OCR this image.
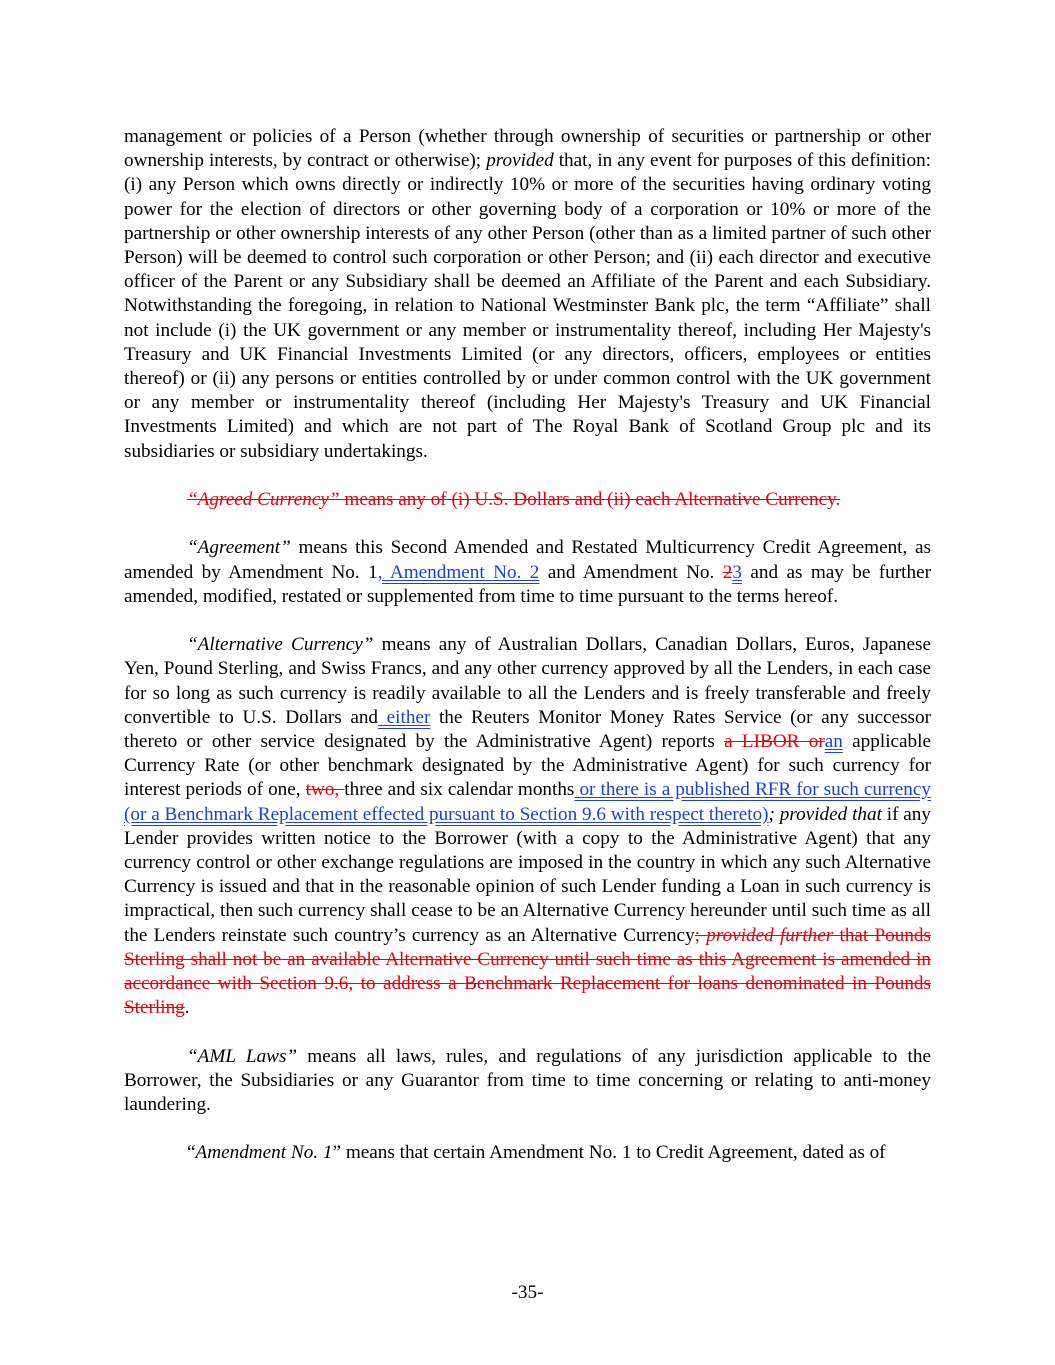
management or policies of a Person (whether through ownership of securities or partnership or other ownership interests, by contract or otherwise); provided that, in any event for purposes of this definition: (i) any Person which owns directly or indirectly 10% or more of the securities having ordinary voting power for the election of directors or other governing body of a corporation or 10% or more of the partnership or other ownership interests of any other Person (other than as a limited partner of such other Person) will be deemed to control such corporation or other Person; and (ii) each director and executive officer of the Parent or any Subsidiary shall be deemed an Affiliate of the Parent and each Subsidiary. Notwithstanding the foregoing, in relation to National Westminster Bank plc, the term “Affiliate” shall not include (i) the UK government or any member or instrumentality thereof, including Her Majesty's Treasury and UK Financial Investments Limited (or any directors, officers, employees or entities thereof) or (ii) any persons or entities controlled by or under common control with the UK government or any member or instrumentality thereof (including Her Majesty's Treasury and UK Financial Investments Limited) and which are not part of The Royal Bank of Scotland Group plc and its subsidiaries or subsidiary undertakings.

“Agreed Currency” means any of (i) U.S. Dollars and (ii) each Alternative Currency.

“Agreement” means this Second Amended and Restated Multicurrency Credit Agreement, as amended by Amendment No. 1, Amendment No. 2 and Amendment No. 23 and as may be further amended, modified, restated or supplemented from time to time pursuant to the terms hereof.

“Alternative Currency” means any of Australian Dollars, Canadian Dollars, Euros, Japanese Yen, Pound Sterling, and Swiss Francs, and any other currency approved by all the Lenders, in each case for so long as such currency is readily available to all the Lenders and is freely transferable and freely convertible to U.S. Dollars and either the Reuters Monitor Money Rates Service (or any successor thereto or other service designated by the Administrative Agent) reports a LIBOR oran applicable Currency Rate (or other benchmark designated by the Administrative Agent) for such currency for interest periods of one, two, three and six calendar months or there is a published RFR for such currency (or a Benchmark Replacement effected pursuant to Section 9.6 with respect thereto); provided that if any Lender provides written notice to the Borrower (with a copy to the Administrative Agent) that any currency control or other exchange regulations are imposed in the country in which any such Alternative Currency is issued and that in the reasonable opinion of such Lender funding a Loan in such currency is impractical, then such currency shall cease to be an Alternative Currency hereunder until such time as all the Lenders reinstate such country’s currency as an Alternative Currency; provided further that Pounds Sterling shall not be an available Alternative Currency until such time as this Agreement is amended in accordance with Section 9.6, to address a Benchmark Replacement for loans denominated in Pounds Sterling.

“AML Laws” means all laws, rules, and regulations of any jurisdiction applicable to the Borrower, the Subsidiaries or any Guarantor from time to time concerning or relating to anti-money laundering.

“Amendment No. 1” means that certain Amendment No. 1 to Credit Agreement, dated as of

-35-
